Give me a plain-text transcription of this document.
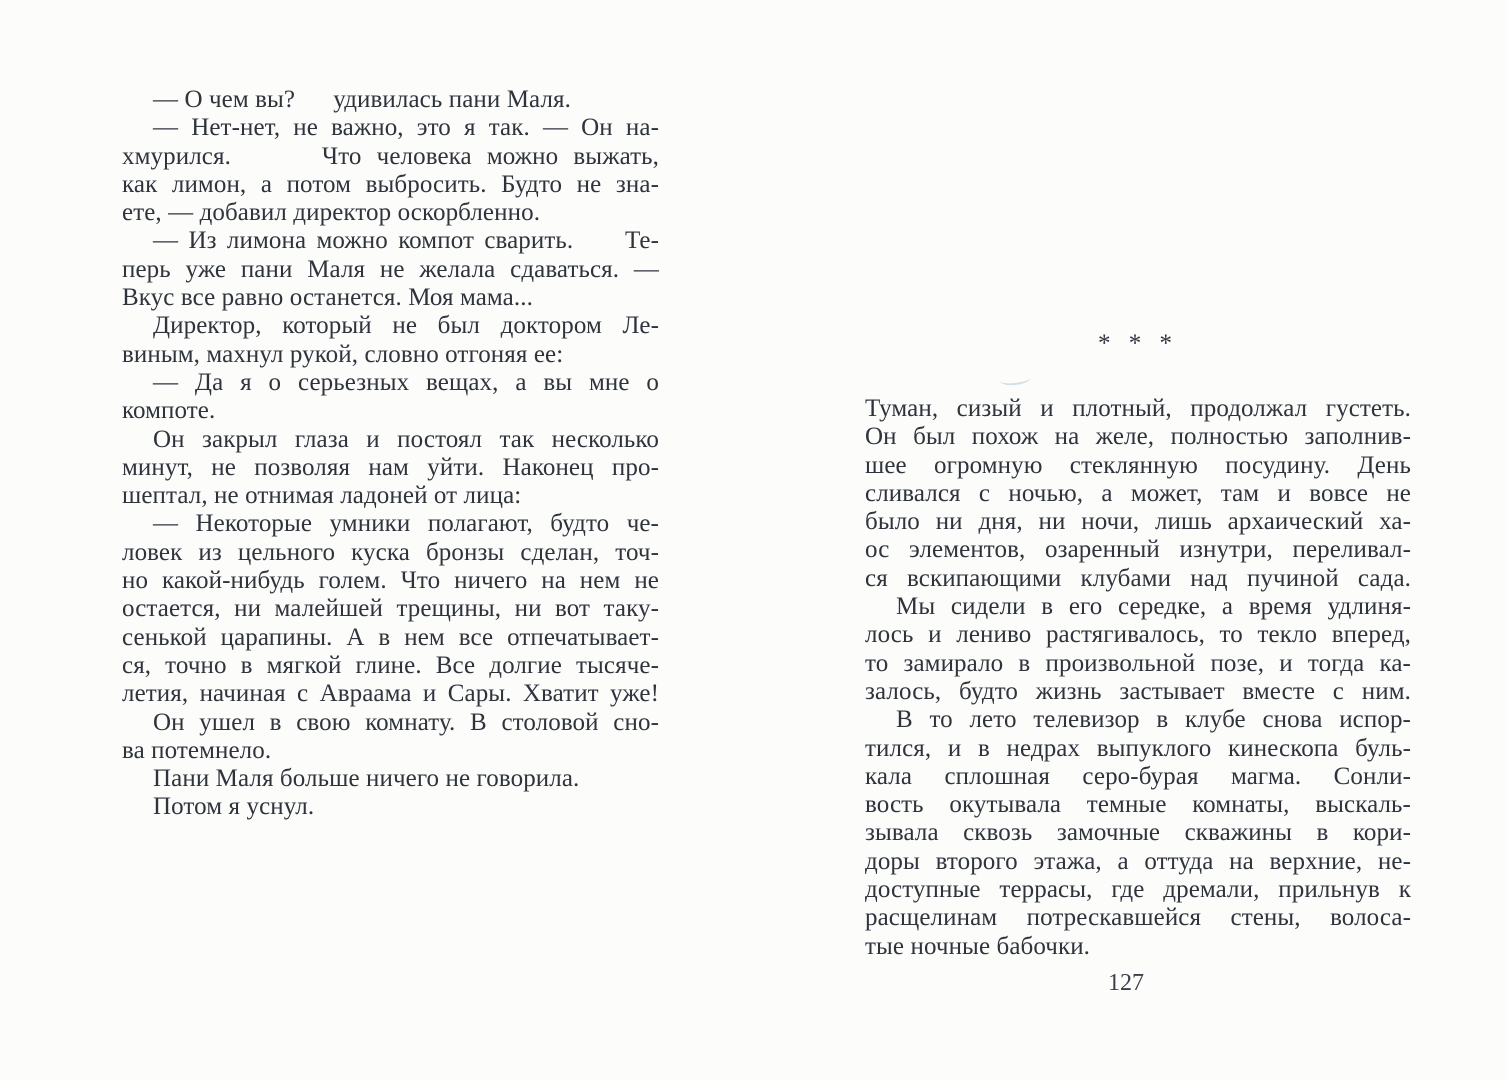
— О чем вы?      удивилась пани Маля.
— Нет-нет, не важно, это я так. — Он на-
хмурился.      Что человека можно выжать,
как лимон, а потом выбросить. Будто не зна-
ете, — добавил директор оскорбленно.
— Из лимона можно компот сварить.     Те-
перь уже пани Маля не желала сдаваться. —
Вкус все равно останется. Моя мама...
Директор, который не был доктором Ле-
виным, махнул рукой, словно отгоняя ее:
— Да я о серьезных вещах, а вы мне о
компоте.
Он закрыл глаза и постоял так несколько
минут, не позволяя нам уйти. Наконец про-
шептал, не отнимая ладоней от лица:
— Некоторые умники полагают, будто че-
ловек из цельного куска бронзы сделан, точ-
но какой-нибудь голем. Что ничего на нем не
остается, ни малейшей трещины, ни вот таку-
сенькой царапины. А в нем все отпечатывает-
ся, точно в мягкой глине. Все долгие тысяче-
летия, начиная с Авраама и Сары. Хватит уже!
Он ушел в свою комнату. В столовой сно-
ва потемнело.
Пани Маля больше ничего не говорила.
Потом я уснул.
* * *
Туман, сизый и плотный, продолжал густеть.
Он был похож на желе, полностью заполнив-
шее огромную стеклянную посудину. День
сливался с ночью, а может, там и вовсе не
было ни дня, ни ночи, лишь архаический ха-
ос элементов, озаренный изнутри, переливал-
ся вскипающими клубами над пучиной сада.
Мы сидели в его середке, а время удлиня-
лось и лениво растягивалось, то текло вперед,
то замирало в произвольной позе, и тогда ка-
залось, будто жизнь застывает вместе с ним.
В то лето телевизор в клубе снова испор-
тился, и в недрах выпуклого кинескопа буль-
кала сплошная серо-бурая магма. Сонли-
вость окутывала темные комнаты, выскаль-
зывала сквозь замочные скважины в кори-
доры второго этажа, а оттуда на верхние, не-
доступные террасы, где дремали, прильнув к
расщелинам потрескавшейся стены, волоса-
тые ночные бабочки.
127
